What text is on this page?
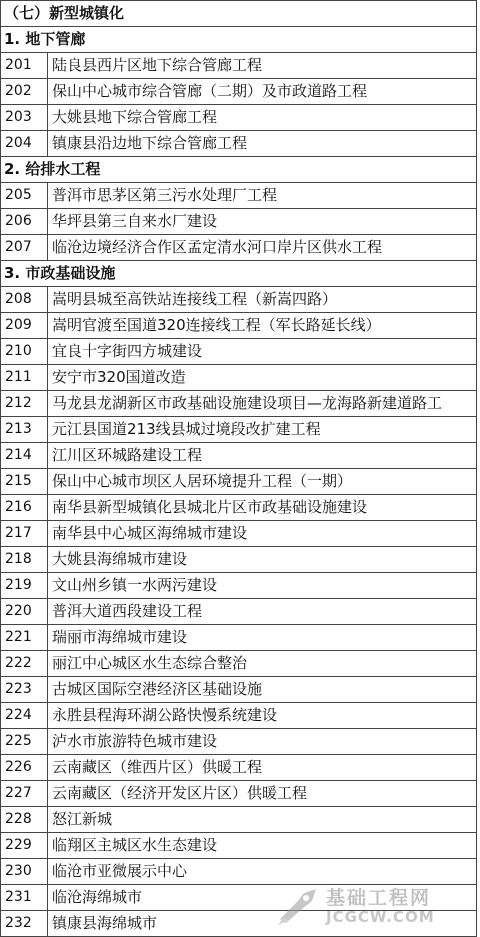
（七）新型城镇化
1. 地下管廊
201	陆良县西片区地下综合管廊工程
202	保山中心城市综合管廊（二期）及市政道路工程
203	大姚县地下综合管廊工程
204	镇康县沿边地下综合管廊工程
2. 给排水工程
205	普洱市思茅区第三污水处理厂工程
206	华坪县第三自来水厂建设
207	临沧边境经济合作区孟定清水河口岸片区供水工程
3. 市政基础设施
208	嵩明县城至高铁站连接线工程（新嵩四路）
209	嵩明官渡至国道320连接线工程（军长路延长线）
210	宜良十字街四方城建设
211	安宁市320国道改造
212	马龙县龙湖新区市政基础设施建设项目—龙海路新建道路工
213	元江县国道213线县城过境段改扩建工程
214	江川区环城路建设工程
215	保山中心城市坝区人居环境提升工程（一期）
216	南华县新型城镇化县城北片区市政基础设施建设
217	南华县中心城区海绵城市建设
218	大姚县海绵城市建设
219	文山州乡镇一水两污建设
220	普洱大道西段建设工程
221	瑞丽市海绵城市建设
222	丽江中心城区水生态综合整治
223	古城区国际空港经济区基础设施
224	永胜县程海环湖公路快慢系统建设
225	泸水市旅游特色城市建设
226	云南藏区（维西片区）供暖工程
227	云南藏区（经济开发区片区）供暖工程
228	怒江新城
229	临翔区主城区水生态建设
230	临沧市亚微展示中心
231	临沧海绵城市
232	镇康县海绵城市
基础工程网
JCGCW.COM
